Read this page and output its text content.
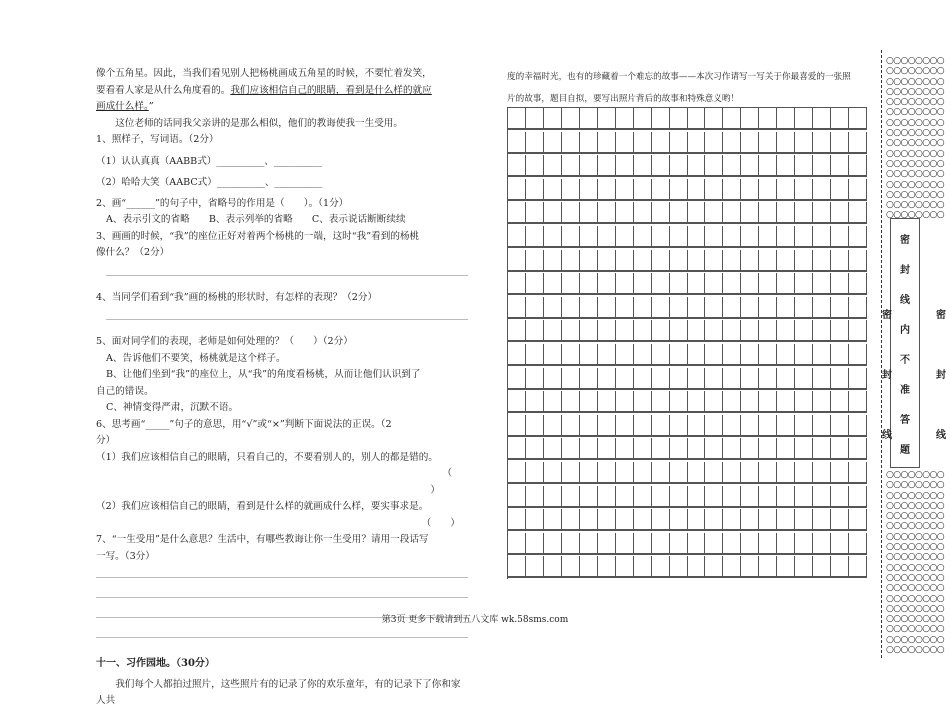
像个五角星。因此，当我们看见别人把杨桃画成五角星的时候，不要忙着发笑，

要看看人家是从什么角度看的。我们应该相信自己的眼睛，看到是什么样的就应

画成什么样。”

这位老师的话同我父亲讲的是那么相似，他们的教诲使我一生受用。

1、照样子，写词语。（2分）

（1）认认真真（AABB式）__________、__________

（2）哈哈大笑（AABC式）__________、__________

2、画“______”的句子中，省略号的作用是（　　）。（1分）

A、表示引文的省略　　B、表示列举的省略　　C、表示说话断断续续

3、画画的时候，“我”的座位正好对着两个杨桃的一端，这时“我”看到的杨桃

像什么？（2分）

4、当同学们看到“我”画的杨桃的形状时，有怎样的表现？（2分）

5、面对同学们的表现，老师是如何处理的？（　　）（2分）

A、告诉他们不要笑，杨桃就是这个样子。

B、让他们坐到“我”的座位上，从“我”的角度看杨桃，从而让他们认识到了

自己的错误。

C、神情变得严肃，沉默不语。

6、思考画“_____”句子的意思，用“√”或“×”判断下面说法的正误。（2

分）

（1）我们应该相信自己的眼睛，只看自己的，不要看别人的，别人的都是错的。

（

）

（2）我们应该相信自己的眼睛，看到是什么样的就画成什么样，要实事求是。

（　　）

7、“一生受用”是什么意思？生活中，有哪些教诲让你一生受用？请用一段话写

一写。（3分）

十一、习作园地。（30分）

我们每个人都拍过照片，这些照片有的记录了你的欢乐童年，有的记录下了你和家人共

度的幸福时光，也有的珍藏着一个难忘的故事——本次习作请写一写关于你最喜爱的一张照

片的故事，题目自拟，要写出照片背后的故事和特殊意义哟！

第3页 更多下载请到五八文库 wk.58sms.com
○○○○○○○○
○○○○○○○○
○○○○○○○○
○○○○○○○○
○○○○○○○○
○○○○○○○○
○○○○○○○○
○○○○○○○○
○○○○○○○○
○○○○○○○○
○○○○○○○○
○○○○○○○○
○○○○○○○○
○○○○○○○○
○○○○○○○○
○○○○○○○○
密
封
线
内
不
准
答
题
○○○○○○○○
○○○○○○○○
○○○○○○○○
○○○○○○○○
○○○○○○○○
○○○○○○○○
○○○○○○○○
○○○○○○○○
○○○○○○○○
○○○○○○○○
○○○○○○○○
○○○○○○○○
○○○○○○○○
○○○○○○○○
○○○○○○○○
○○○○○○○○
○○○○○○○○
○○○○○○○○
密
封
线
密
封
线
